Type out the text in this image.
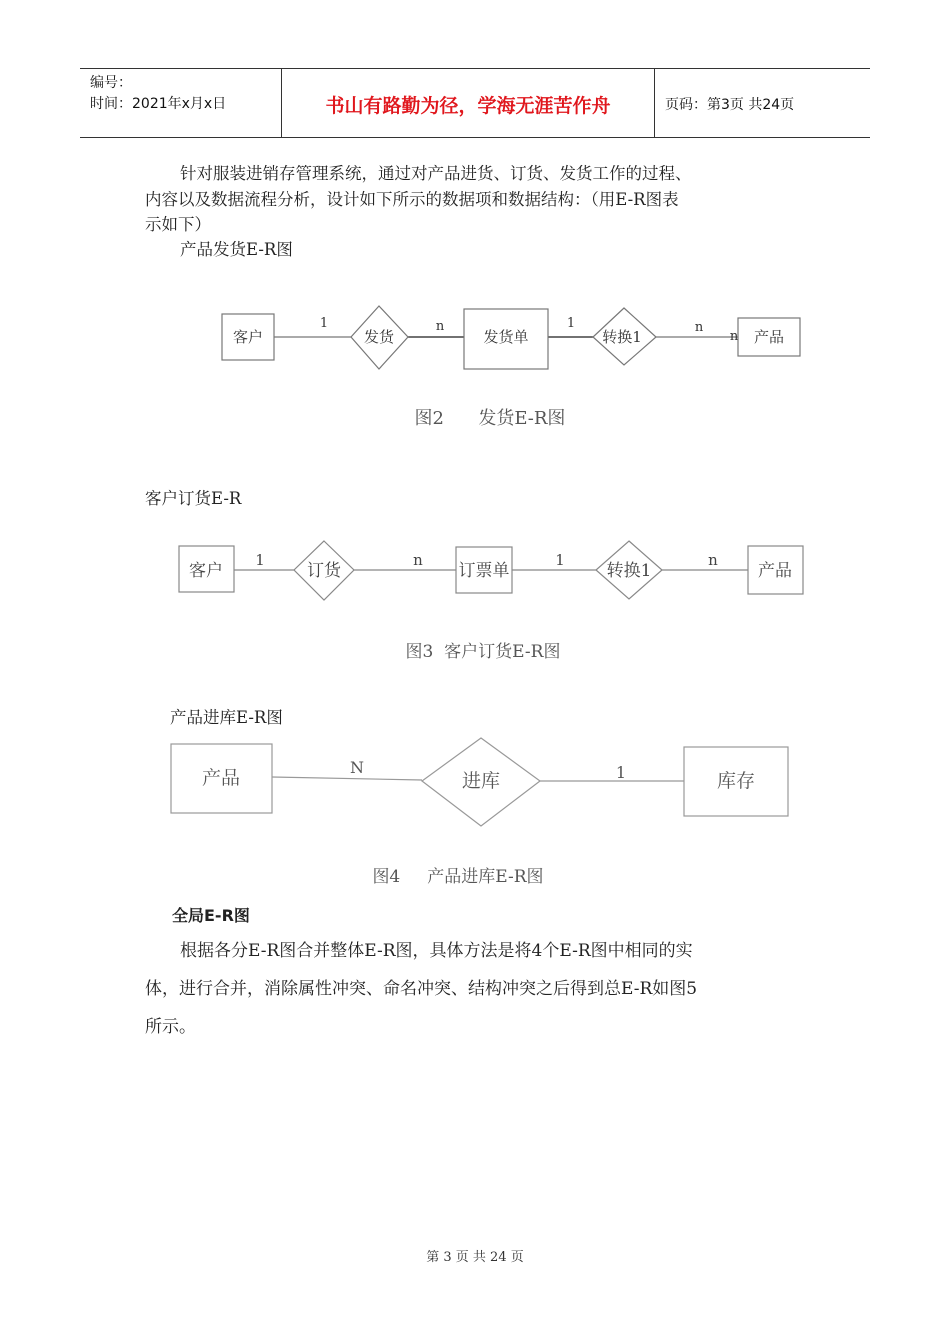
编号：
时间：2021年x月x日	书山有路勤为径，学海无涯苦作舟	页码：第3页 共24页
针对服装进销存管理系统，通过对产品进货、订货、发货工作的过程、
内容以及数据流程分析，设计如下所示的数据项和数据结构：（用E-R图表
示如下）
产品发货E-R图
客户	发货	发货单	转换1	产品
1	n	1	n
n
图2      发货E-R图
客户订货E-R
客户	订货	订票单	转换1	产品
1	n	1	n
图3  客户订货E-R图
产品进库E-R图
产品	进库	库存
N	1
图4     产品进库E-R图
全局E-R图
根据各分E-R图合并整体E-R图，具体方法是将4个E-R图中相同的实
体，进行合并，消除属性冲突、命名冲突、结构冲突之后得到总E-R如图5
所示。
第 3 页 共 24 页
